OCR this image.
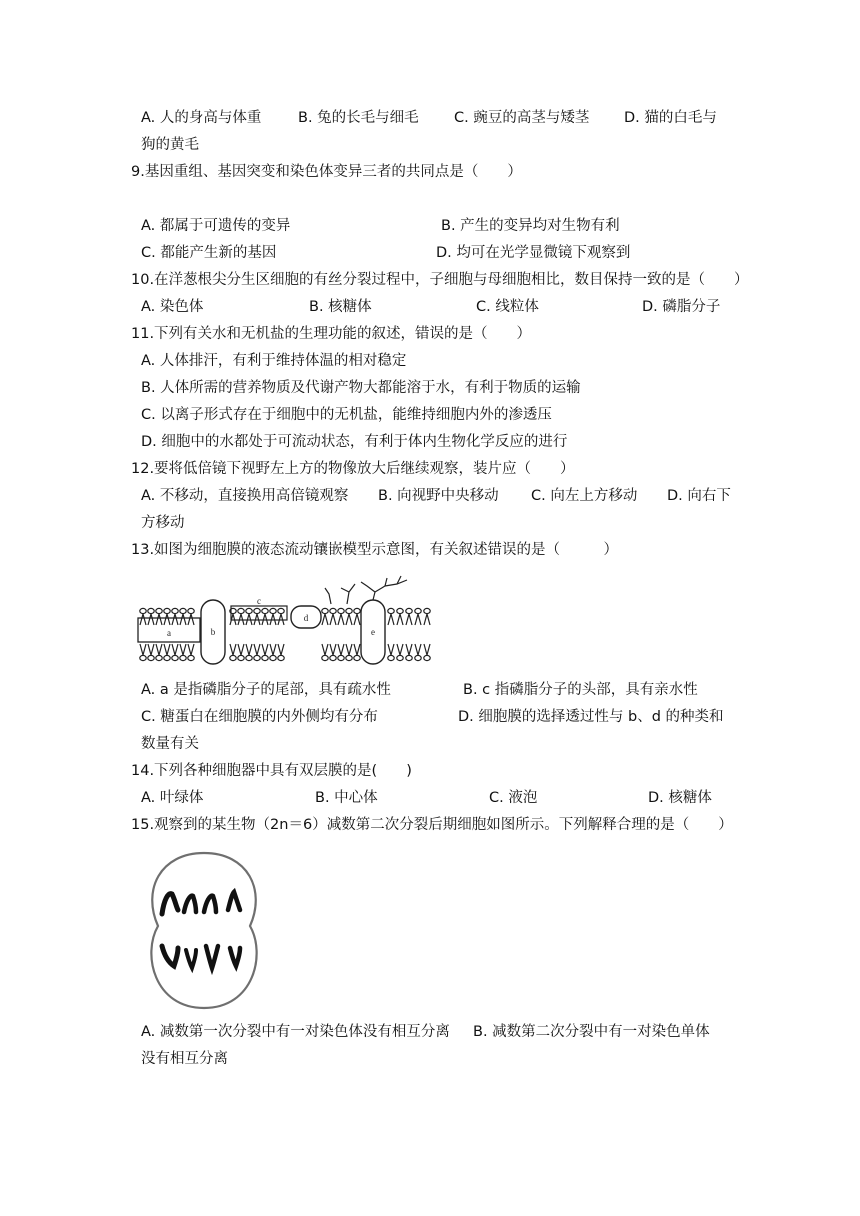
A. 人的身高与体重	B. 兔的长毛与细毛 C. 豌豆的高茎与矮茎 D. 猫的白毛与
狗的黄毛
9.基因重组、基因突变和染色体变异三者的共同点是（　　）
A. 都属于可遗传的变异	B. 产生的变异均对生物有利
C. 都能产生新的基因	D. 均可在光学显微镜下观察到
10.在洋葱根尖分生区细胞的有丝分裂过程中，子细胞与母细胞相比，数目保持一致的是（　　）
A. 染色体	B. 核糖体	C. 线粒体	D. 磷脂分子
11.下列有关水和无机盐的生理功能的叙述，错误的是（　　）
A. 人体排汗，有利于维持体温的相对稳定
B. 人体所需的营养物质及代谢产物大都能溶于水，有利于物质的运输
C. 以离子形式存在于细胞中的无机盐，能维持细胞内外的渗透压
D. 细胞中的水都处于可流动状态，有利于体内生物化学反应的进行
12.要将低倍镜下视野左上方的物像放大后继续观察，装片应（　　）
A. 不移动，直接换用高倍镜观察 B. 向视野中央移动 C. 向左上方移动 D. 向右下
方移动
13.如图为细胞膜的液态流动镶嵌模型示意图，有关叙述错误的是（　　　）
a	b
c
d
e
A. a 是指磷脂分子的尾部，具有疏水性	B. c 指磷脂分子的头部，具有亲水性
C. 糖蛋白在细胞膜的内外侧均有分布	D. 细胞膜的选择透过性与 b、d 的种类和
数量有关
14.下列各种细胞器中具有双层膜的是(　　)
A. 叶绿体	B. 中心体	C. 液泡	D. 核糖体
15.观察到的某生物（2n＝6）减数第二次分裂后期细胞如图所示。下列解释合理的是（　　）
A. 减数第一次分裂中有一对染色体没有相互分离 B. 减数第二次分裂中有一对染色单体
没有相互分离
